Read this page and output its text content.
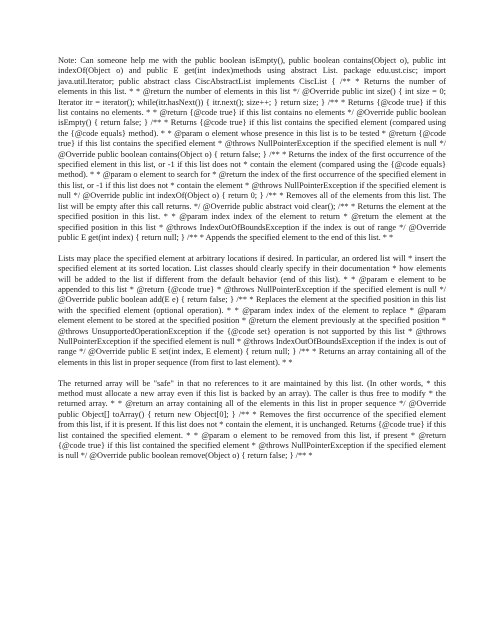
Note: Can someone help me with the public boolean isEmpty(), public boolean contains(Object o), public int indexOf(Object o) and public E get(int index)methods using abstract List. package edu.ust.cisc; import java.util.Iterator; public abstract class CiscAbstractList implements CiscList { /** * Returns the number of elements in this list. * * @return the number of elements in this list */ @Override public int size() { int size = 0; Iterator itr = iterator(); while(itr.hasNext()) { itr.next(); size++; } return size; } /** * Returns {@code true} if this list contains no elements. * * @return {@code true} if this list contains no elements */ @Override public boolean isEmpty() { return false; } /** * Returns {@code true} if this list contains the specified element (compared using the {@code equals} method). * * @param o element whose presence in this list is to be tested * @return {@code true} if this list contains the specified element * @throws NullPointerException if the specified element is null */ @Override public boolean contains(Object o) { return false; } /** * Returns the index of the first occurrence of the specified element in this list, or -1 if this list does not * contain the element (compared using the {@code equals} method). * * @param o element to search for * @return the index of the first occurrence of the specified element in this list, or -1 if this list does not * contain the element * @throws NullPointerException if the specified element is null */ @Override public int indexOf(Object o) { return 0; } /** * Removes all of the elements from this list. The list will be empty after this call returns. */ @Override public abstract void clear(); /** * Returns the element at the specified position in this list. * * @param index index of the element to return * @return the element at the specified position in this list * @throws IndexOutOfBoundsException if the index is out of range */ @Override public E get(int index) { return null; } /** * Appends the specified element to the end of this list. * *

Lists may place the specified element at arbitrary locations if desired. In particular, an ordered list will * insert the specified element at its sorted location. List classes should clearly specify in their documentation * how elements will be added to the list if different from the default behavior (end of this list). * * @param e element to be appended to this list * @return {@code true} * @throws NullPointerException if the specified element is null */ @Override public boolean add(E e) { return false; } /** * Replaces the element at the specified position in this list with the specified element (optional operation). * * @param index index of the element to replace * @param element element to be stored at the specified position * @return the element previously at the specified position * @throws UnsupportedOperationException if the {@code set} operation is not supported by this list * @throws NullPointerException if the specified element is null * @throws IndexOutOfBoundsException if the index is out of range */ @Override public E set(int index, E element) { return null; } /** * Returns an array containing all of the elements in this list in proper sequence (from first to last element). * *

The returned array will be "safe" in that no references to it are maintained by this list. (In other words, * this method must allocate a new array even if this list is backed by an array). The caller is thus free to modify * the returned array. * * @return an array containing all of the elements in this list in proper sequence */ @Override public Object[] toArray() { return new Object[0]; } /** * Removes the first occurrence of the specified element from this list, if it is present. If this list does not * contain the element, it is unchanged. Returns {@code true} if this list contained the specified element. * * @param o element to be removed from this list, if present * @return {@code true} if this list contained the specified element * @throws NullPointerException if the specified element is null */ @Override public boolean remove(Object o) { return false; } /** *
